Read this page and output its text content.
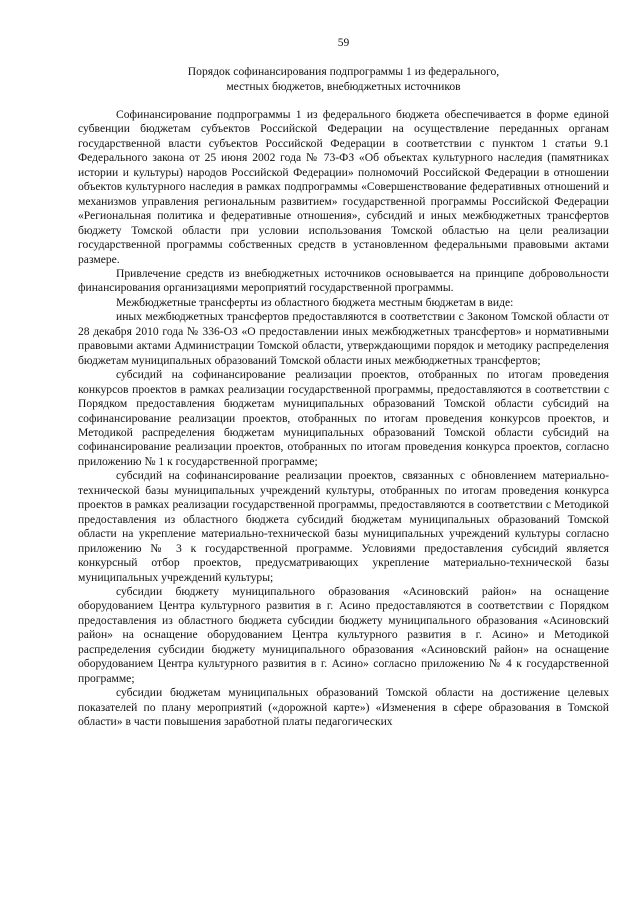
59
Порядок софинансирования подпрограммы 1 из федерального,
местных бюджетов, внебюджетных источников

Софинансирование подпрограммы 1 из федерального бюджета обеспечивается в форме единой субвенции бюджетам субъектов Российской Федерации на осуществление переданных органам государственной власти субъектов Российской Федерации в соответствии с пунктом 1 статьи 9.1 Федерального закона от 25 июня 2002 года № 73-ФЗ «Об объектах культурного наследия (памятниках истории и культуры) народов Российской Федерации» полномочий Российской Федерации в отношении объектов культурного наследия в рамках подпрограммы «Совершенствование федеративных отношений и механизмов управления региональным развитием» государственной программы Российской Федерации «Региональная политика и федеративные отношения», субсидий и иных межбюджетных трансфертов бюджету Томской области при условии использования Томской областью на цели реализации государственной программы собственных средств в установленном федеральными правовыми актами размере.

Привлечение средств из внебюджетных источников основывается на принципе добровольности финансирования организациями мероприятий государственной программы.

Межбюджетные трансферты из областного бюджета местным бюджетам в виде:

иных межбюджетных трансфертов предоставляются в соответствии с Законом Томской области от 28 декабря 2010 года № 336-ОЗ «О предоставлении иных межбюджетных трансфертов» и нормативными правовыми актами Администрации Томской области, утверждающими порядок и методику распределения бюджетам муниципальных образований Томской области иных межбюджетных трансфертов;

субсидий на софинансирование реализации проектов, отобранных по итогам проведения конкурсов проектов в рамках реализации государственной программы, предоставляются в соответствии с Порядком предоставления бюджетам муниципальных образований Томской области субсидий на софинансирование реализации проектов, отобранных по итогам проведения конкурсов проектов, и Методикой распределения бюджетам муниципальных образований Томской области субсидий на софинансирование реализации проектов, отобранных по итогам проведения конкурса проектов, согласно приложению № 1 к государственной программе;

субсидий на софинансирование реализации проектов, связанных с обновлением материально-технической базы муниципальных учреждений культуры, отобранных по итогам проведения конкурса проектов в рамках реализации государственной программы, предоставляются в соответствии с Методикой предоставления из областного бюджета субсидий бюджетам муниципальных образований Томской области на укрепление материально-технической базы муниципальных учреждений культуры согласно приложению № 3 к государственной программе. Условиями предоставления субсидий является конкурсный отбор проектов, предусматривающих укрепление материально-технической базы муниципальных учреждений культуры;

субсидии бюджету муниципального образования «Асиновский район» на оснащение оборудованием Центра культурного развития в г. Асино предоставляются в соответствии с Порядком предоставления из областного бюджета субсидии бюджету муниципального образования «Асиновский район» на оснащение оборудованием Центра культурного развития в г. Асино» и Методикой распределения субсидии бюджету муниципального образования «Асиновский район» на оснащение оборудованием Центра культурного развития в г. Асино» согласно приложению № 4 к государственной программе;

субсидии бюджетам муниципальных образований Томской области на достижение целевых показателей по плану мероприятий («дорожной карте») «Изменения в сфере образования в Томской области» в части повышения заработной платы педагогических
